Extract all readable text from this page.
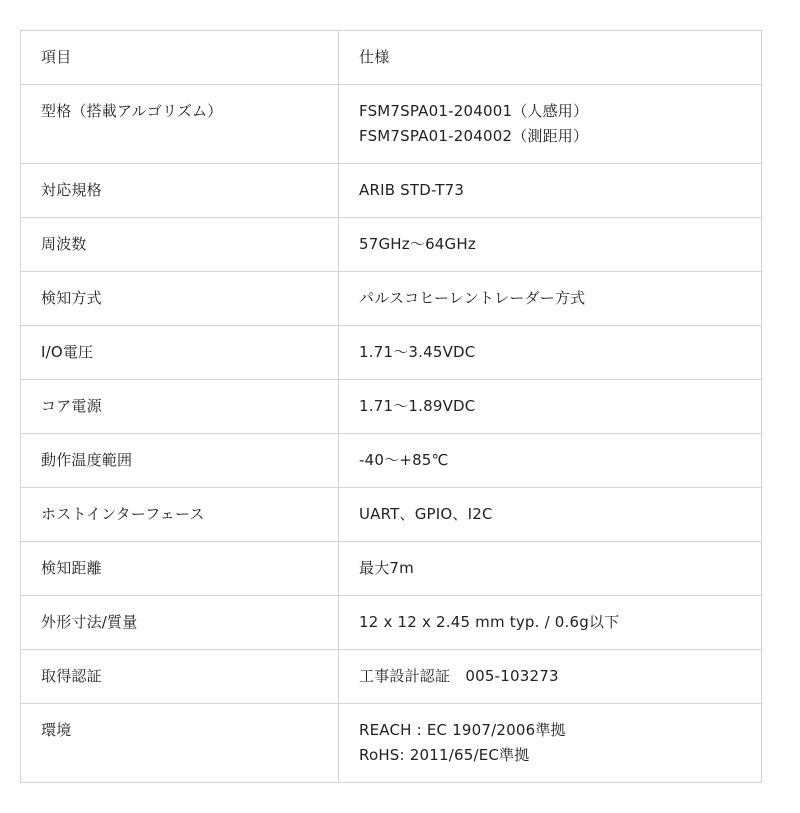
項目	仕様
型格（搭載アルゴリズム）	FSM7SPA01-204001（人感用）
FSM7SPA01-204002（測距用）

対応規格	ARIB STD-T73
周波数	57GHz〜64GHz
検知方式	パルスコヒーレントレーダー方式
I/O電圧	1.71〜3.45VDC
コア電源	1.71〜1.89VDC
動作温度範囲	-40〜+85℃
ホストインターフェース	UART、GPIO、I2C
検知距離	最大7m
外形寸法/質量	12 x 12 x 2.45 mm typ. / 0.6g以下
取得認証	工事設計認証　005-103273
環境	REACH : EC 1907/2006準拠
RoHS: 2011/65/EC準拠
